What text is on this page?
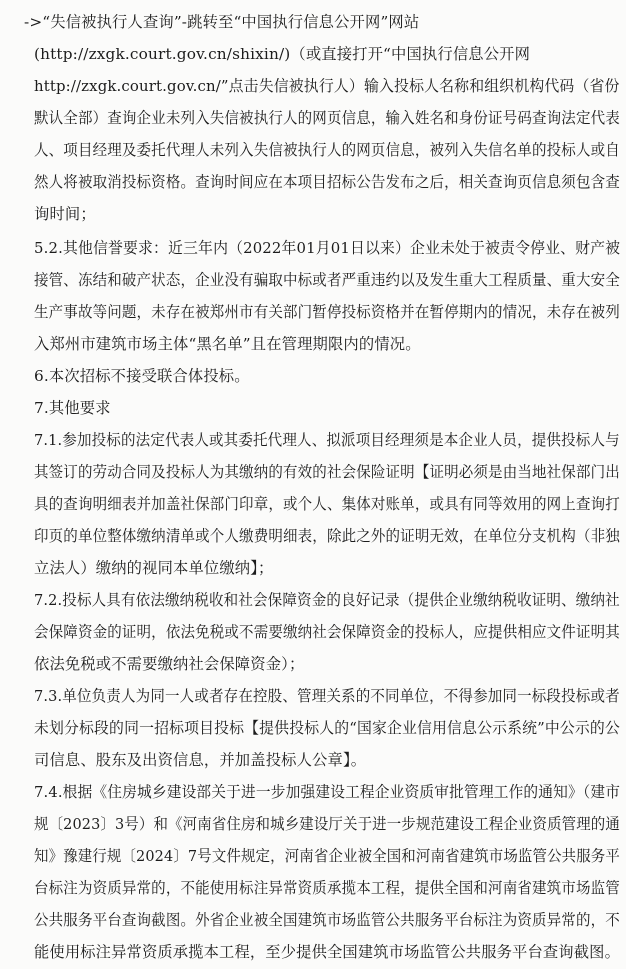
->“失信被执行人查询”-跳转至“中国执行信息公开网”网站
(http://zxgk.court.gov.cn/shixin/)（或直接打开“中国执行信息公开网
http://zxgk.court.gov.cn/”点击失信被执行人）输入投标人名称和组织机构代码（省份
默认全部）查询企业未列入失信被执行人的网页信息，输入姓名和身份证号码查询法定代表
人、项目经理及委托代理人未列入失信被执行人的网页信息，被列入失信名单的投标人或自
然人将被取消投标资格。查询时间应在本项目招标公告发布之后，相关查询页信息须包含查
询时间；
5.2.其他信誉要求：近三年内（2022年01月01日以来）企业未处于被责令停业、财产被
接管、冻结和破产状态，企业没有骗取中标或者严重违约以及发生重大工程质量、重大安全
生产事故等问题，未存在被郑州市有关部门暂停投标资格并在暂停期内的情况，未存在被列
入郑州市建筑市场主体“黑名单”且在管理期限内的情况。
6.本次招标不接受联合体投标。
7.其他要求
7.1.参加投标的法定代表人或其委托代理人、拟派项目经理须是本企业人员，提供投标人与
其签订的劳动合同及投标人为其缴纳的有效的社会保险证明【证明必须是由当地社保部门出
具的查询明细表并加盖社保部门印章，或个人、集体对账单，或具有同等效用的网上查询打
印页的单位整体缴纳清单或个人缴费明细表，除此之外的证明无效，在单位分支机构（非独
立法人）缴纳的视同本单位缴纳】；
7.2.投标人具有依法缴纳税收和社会保障资金的良好记录（提供企业缴纳税收证明、缴纳社
会保障资金的证明，依法免税或不需要缴纳社会保障资金的投标人，应提供相应文件证明其
依法免税或不需要缴纳社会保障资金）；
7.3.单位负责人为同一人或者存在控股、管理关系的不同单位，不得参加同一标段投标或者
未划分标段的同一招标项目投标【提供投标人的“国家企业信用信息公示系统”中公示的公
司信息、股东及出资信息，并加盖投标人公章】。
7.4.根据《住房城乡建设部关于进一步加强建设工程企业资质审批管理工作的通知》（建市
规〔2023〕3号）和《河南省住房和城乡建设厅关于进一步规范建设工程企业资质管理的通
知》豫建行规〔2024〕7号文件规定，河南省企业被全国和河南省建筑市场监管公共服务平
台标注为资质异常的，不能使用标注异常资质承揽本工程，提供全国和河南省建筑市场监管
公共服务平台查询截图。外省企业被全国建筑市场监管公共服务平台标注为资质异常的，不
能使用标注异常资质承揽本工程，至少提供全国建筑市场监管公共服务平台查询截图。
